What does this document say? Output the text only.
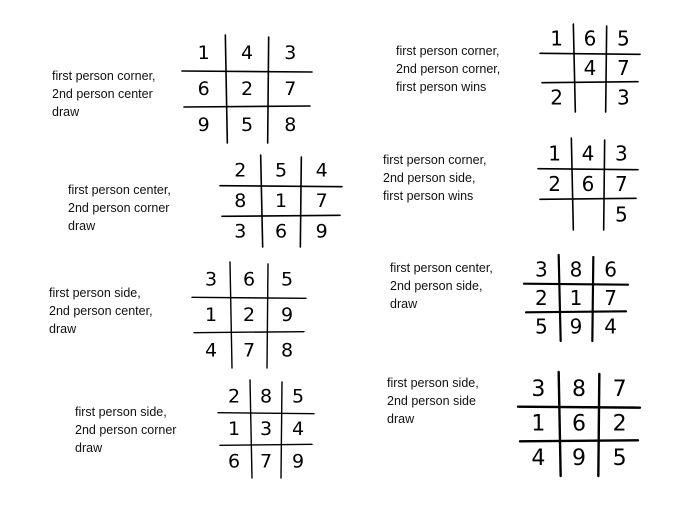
first person corner,
2nd person center
draw
1 4 3
6 2 7
9 5 8
first person center,
2nd person corner
draw
2 5 4
8 1 7
3 6 9
first person side,
2nd person center,
draw
3 6 5
1 2 9
4 7 8
first person side,
2nd person corner
draw
2 8 5
1 3 4
6 7 9
first person corner,
2nd person corner,
first person wins
1 6 5
4 7
2	3
first person corner,
2nd person side,
first person wins
1 4 3
2 6 7
5
first person center,
2nd person side,
draw
3 8 6
2 1 7
5 9 4
first person side,
2nd person side
draw
3 8 7
1 6 2
4 9 5
